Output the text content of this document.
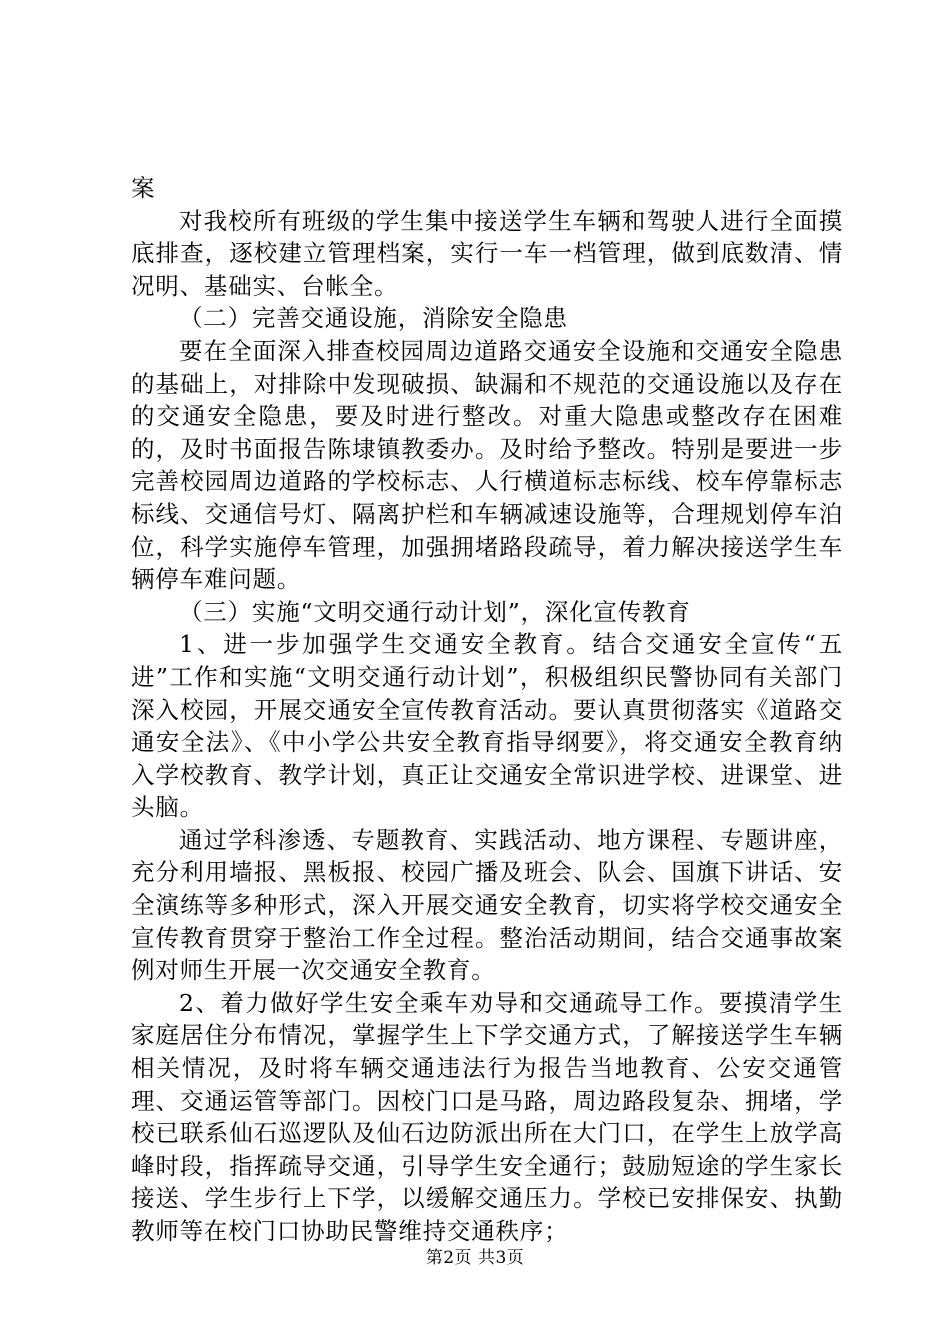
案

对我校所有班级的学生集中接送学生车辆和驾驶人进行全面摸底排查，逐校建立管理档案，实行一车一档管理，做到底数清、情况明、基础实、台帐全。

（二）完善交通设施，消除安全隐患

要在全面深入排查校园周边道路交通安全设施和交通安全隐患的基础上，对排除中发现破损、缺漏和不规范的交通设施以及存在的交通安全隐患，要及时进行整改。对重大隐患或整改存在困难的，及时书面报告陈埭镇教委办。及时给予整改。特别是要进一步完善校园周边道路的学校标志、人行横道标志标线、校车停靠标志标线、交通信号灯、隔离护栏和车辆减速设施等，合理规划停车泊位，科学实施停车管理，加强拥堵路段疏导，着力解决接送学生车辆停车难问题。

（三）实施“文明交通行动计划”，深化宣传教育

1、进一步加强学生交通安全教育。结合交通安全宣传“五进”工作和实施“文明交通行动计划”，积极组织民警协同有关部门深入校园，开展交通安全宣传教育活动。要认真贯彻落实《道路交通安全法》、《中小学公共安全教育指导纲要》，将交通安全教育纳入学校教育、教学计划，真正让交通安全常识进学校、进课堂、进头脑。

通过学科渗透、专题教育、实践活动、地方课程、专题讲座，充分利用墙报、黑板报、校园广播及班会、队会、国旗下讲话、安全演练等多种形式，深入开展交通安全教育，切实将学校交通安全宣传教育贯穿于整治工作全过程。整治活动期间，结合交通事故案例对师生开展一次交通安全教育。

2、着力做好学生安全乘车劝导和交通疏导工作。要摸清学生家庭居住分布情况，掌握学生上下学交通方式，了解接送学生车辆相关情况，及时将车辆交通违法行为报告当地教育、公安交通管理、交通运管等部门。因校门口是马路，周边路段复杂、拥堵，学校已联系仙石巡逻队及仙石边防派出所在大门口，在学生上放学高峰时段，指挥疏导交通，引导学生安全通行；鼓励短途的学生家长接送、学生步行上下学，以缓解交通压力。学校已安排保安、执勤教师等在校门口协助民警维持交通秩序；

第2页 共3页
